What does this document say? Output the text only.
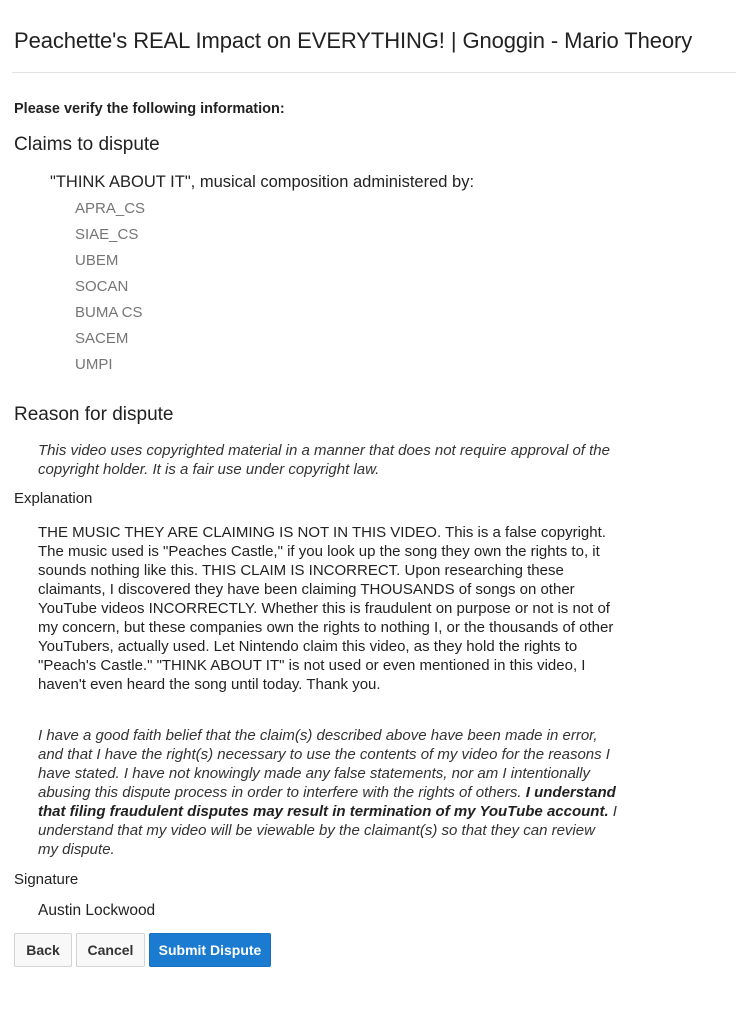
Peachette's REAL Impact on EVERYTHING! | Gnoggin - Mario Theory
Please verify the following information:
Claims to dispute
"THINK ABOUT IT", musical composition administered by:
APRA_CS
SIAE_CS
UBEM
SOCAN
BUMA CS
SACEM
UMPI
Reason for dispute
This video uses copyrighted material in a manner that does not require approval of the copyright holder. It is a fair use under copyright law.
Explanation
THE MUSIC THEY ARE CLAIMING IS NOT IN THIS VIDEO. This is a false copyright. The music used is "Peaches Castle," if you look up the song they own the rights to, it sounds nothing like this. THIS CLAIM IS INCORRECT. Upon researching these claimants, I discovered they have been claiming THOUSANDS of songs on other YouTube videos INCORRECTLY. Whether this is fraudulent on purpose or not is not of my concern, but these companies own the rights to nothing I, or the thousands of other YouTubers, actually used. Let Nintendo claim this video, as they hold the rights to "Peach's Castle." "THINK ABOUT IT" is not used or even mentioned in this video, I haven't even heard the song until today. Thank you.
I have a good faith belief that the claim(s) described above have been made in error, and that I have the right(s) necessary to use the contents of my video for the reasons I have stated. I have not knowingly made any false statements, nor am I intentionally abusing this dispute process in order to interfere with the rights of others. I understand that filing fraudulent disputes may result in termination of my YouTube account. I understand that my video will be viewable by the claimant(s) so that they can review my dispute.
Signature
Austin Lockwood
Back	Cancel	Submit Dispute
